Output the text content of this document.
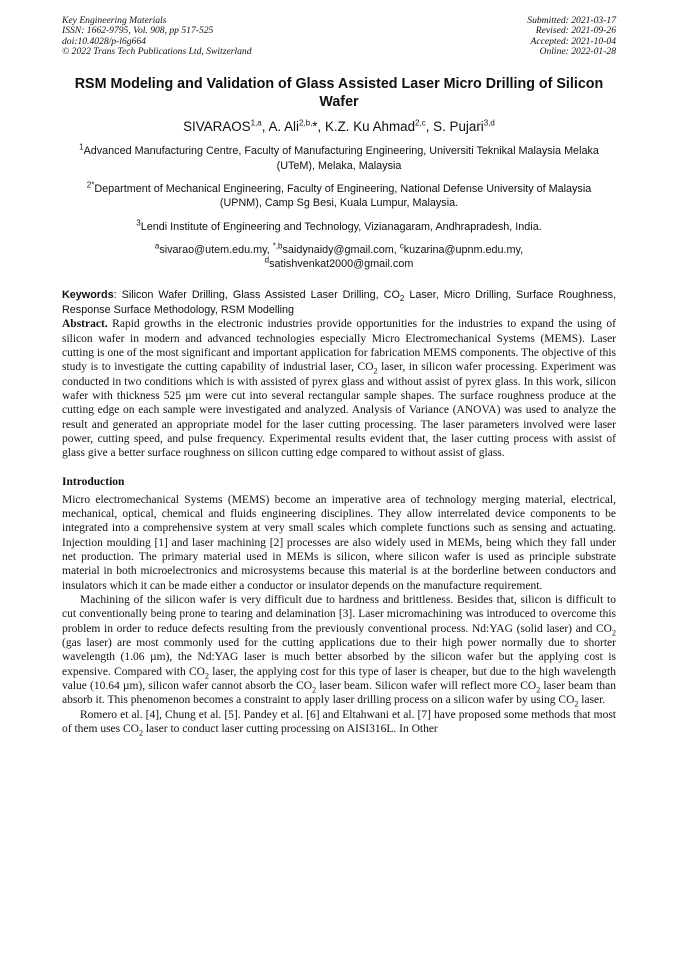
Key Engineering Materials
ISSN: 1662-9795, Vol. 908, pp 517-525
doi:10.4028/p-l6g664
© 2022 Trans Tech Publications Ltd, Switzerland
Submitted: 2021-03-17
Revised: 2021-09-26
Accepted: 2021-10-04
Online: 2022-01-28
RSM Modeling and Validation of Glass Assisted Laser Micro Drilling of Silicon Wafer
SIVARAOS$^{1,a}$, A. Ali$^{2,b,}$*, K.Z. Ku Ahmad$^{2,c}$, S. Pujari$^{3,d}$
$^1$Advanced Manufacturing Centre, Faculty of Manufacturing Engineering, Universiti Teknikal Malaysia Melaka (UTeM), Melaka, Malaysia
$^{2*}$Department of Mechanical Engineering, Faculty of Engineering, National Defense University of Malaysia (UPNM), Camp Sg Besi, Kuala Lumpur, Malaysia.
$^3$Lendi Institute of Engineering and Technology, Vizianagaram, Andhrapradesh, India.
$^a$sivarao@utem.edu.my, $^{*,b}$saidynaidy@gmail.com, $^c$kuzarina@upnm.edu.my,
$^d$satishvenkat2000@gmail.com
Keywords: Silicon Wafer Drilling, Glass Assisted Laser Drilling, $CO_2$ Laser, Micro Drilling, Surface Roughness, Response Surface Methodology, RSM Modelling

Abstract. Rapid growths in the electronic industries provide opportunities for the industries to expand the using of silicon wafer in modern and advanced technologies especially Micro Electromechanical Systems (MEMS). Laser cutting is one of the most significant and important application for fabrication MEMS components. The objective of this study is to investigate the cutting capability of industrial laser, $CO_2$ laser, in silicon wafer processing. Experiment was conducted in two conditions which is with assisted of pyrex glass and without assist of pyrex glass. In this work, silicon wafer with thickness 525 µm were cut into several rectangular sample shapes. The surface roughness produce at the cutting edge on each sample were investigated and analyzed. Analysis of Variance (ANOVA) was used to analyze the result and generated an appropriate model for the laser cutting processing. The laser parameters involved were laser power, cutting speed, and pulse frequency. Experimental results evident that, the laser cutting process with assist of glass give a better surface roughness on silicon cutting edge compared to without assist of glass.

Introduction

Micro electromechanical Systems (MEMS) become an imperative area of technology merging material, electrical, mechanical, optical, chemical and fluids engineering disciplines. They allow interrelated device components to be integrated into a comprehensive system at very small scales which complete functions such as sensing and actuating. Injection moulding [1] and laser machining [2] processes are also widely used in MEMs, being which they fall under net production. The primary material used in MEMs is silicon, where silicon wafer is used as principle substrate material in both microelectronics and microsystems because this material is at the borderline between conductors and insulators which it can be made either a conductor or insulator depends on the manufacture requirement.

Machining of the silicon wafer is very difficult due to hardness and brittleness. Besides that, silicon is difficult to cut conventionally being prone to tearing and delamination [3]. Laser micromachining was introduced to overcome this problem in order to reduce defects resulting from the previously conventional process. Nd:YAG (solid laser) and $CO_2$ (gas laser) are most commonly used for the cutting applications due to their high power normally due to shorter wavelength (1.06 µm), the Nd:YAG laser is much better absorbed by the silicon wafer but the applying cost is expensive. Compared with $CO_2$ laser, the applying cost for this type of laser is cheaper, but due to the high wavelength value (10.64 µm), silicon wafer cannot absorb the $CO_2$ laser beam. Silicon wafer will reflect more $CO_2$ laser beam than absorb it. This phenomenon becomes a constraint to apply laser drilling process on a silicon wafer by using $CO_2$ laser.

Romero et al. [4], Chung et al. [5]. Pandey et al. [6] and Eltahwani et al. [7] have proposed some methods that most of them uses $CO_2$ laser to conduct laser cutting processing on AISI316L. In Other
